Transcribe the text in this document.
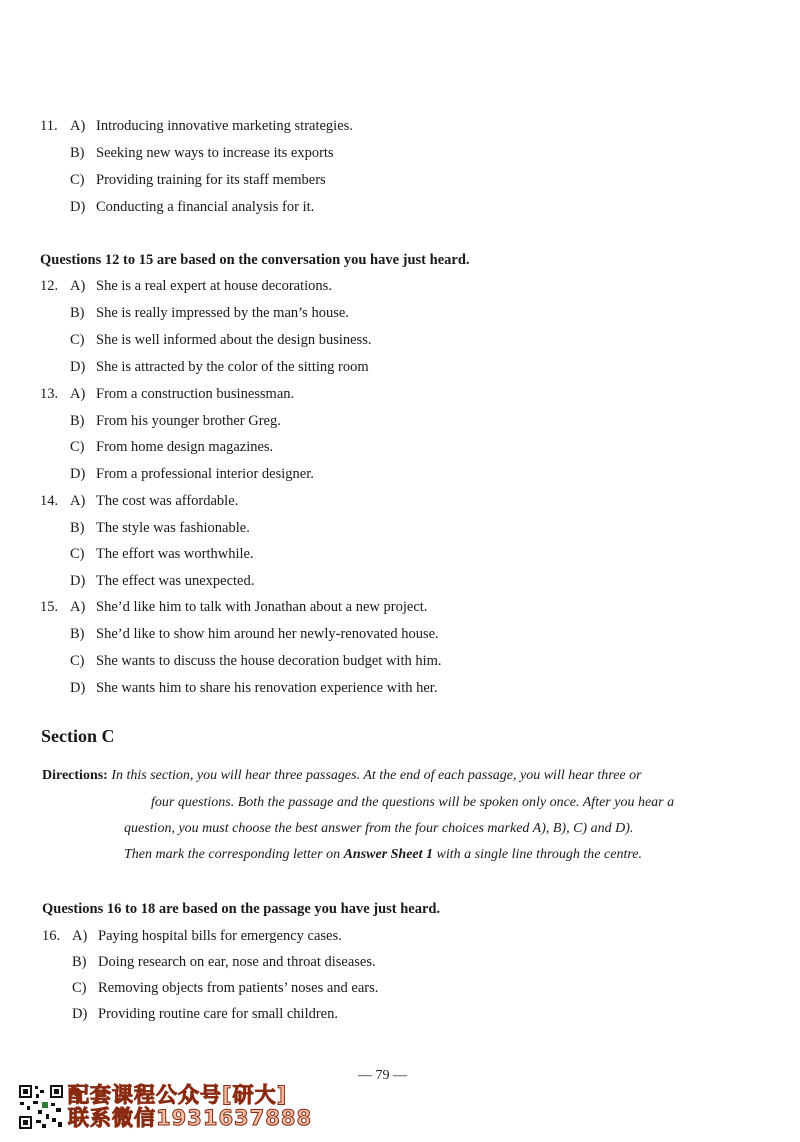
11. A) Introducing innovative marketing strategies.
B) Seeking new ways to increase its exports
C) Providing training for its staff members
D) Conducting a financial analysis for it.
Questions 12 to 15 are based on the conversation you have just heard.
12. A) She is a real expert at house decorations.
B) She is really impressed by the man’s house.
C) She is well informed about the design business.
D) She is attracted by the color of the sitting room
13. A) From a construction businessman.
B) From his younger brother Greg.
C) From home design magazines.
D) From a professional interior designer.
14. A) The cost was affordable.
B) The style was fashionable.
C) The effort was worthwhile.
D) The effect was unexpected.
15. A) She’d like him to talk with Jonathan about a new project.
B) She’d like to show him around her newly-renovated house.
C) She wants to discuss the house decoration budget with him.
D) She wants him to share his renovation experience with her.
Section C
Directions: In this section, you will hear three passages. At the end of each passage, you will hear three or
four questions. Both the passage and the questions will be spoken only once. After you hear a
question, you must choose the best answer from the four choices marked A), B), C) and D).
Then mark the corresponding letter on Answer Sheet 1 with a single line through the centre.
Questions 16 to 18 are based on the passage you have just heard.
16. A) Paying hospital bills for emergency cases.
B) Doing research on ear, nose and throat diseases.
C) Removing objects from patients’ noses and ears.
D) Providing routine care for small children.
— 79 —
配套课程公众号[研大]
联系微信1931637888
